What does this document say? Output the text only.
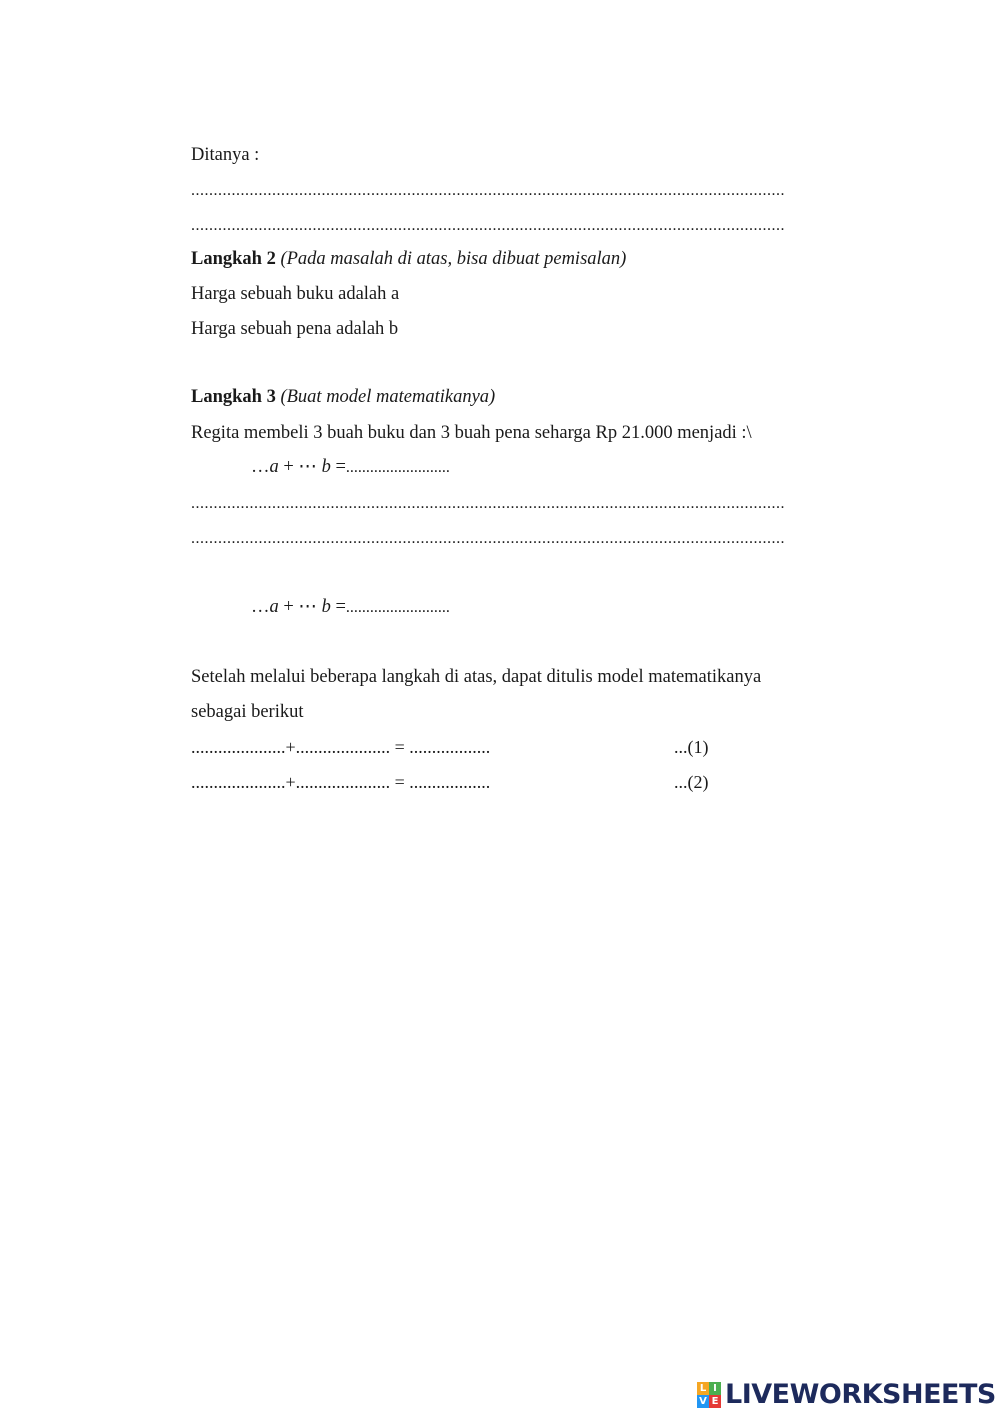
Ditanya :
....................................................................................................................................
....................................................................................................................................
Langkah 2 (Pada masalah di atas, bisa dibuat pemisalan)
Harga sebuah buku adalah a
Harga sebuah pena adalah b
Langkah 3 (Buat model matematikanya)
Regita membeli 3 buah buku dan 3 buah pena seharga Rp 21.000 menjadi :\
…a + ⋯ b =..........................
....................................................................................................................................
....................................................................................................................................
…a + ⋯ b =..........................
Setelah melalui beberapa langkah di atas, dapat ditulis model matematikanya
sebagai berikut
.....................+..................... = ..................	...(1)
.....................+..................... = ..................	...(2)
L I
V E LIVEWORKSHEETS
